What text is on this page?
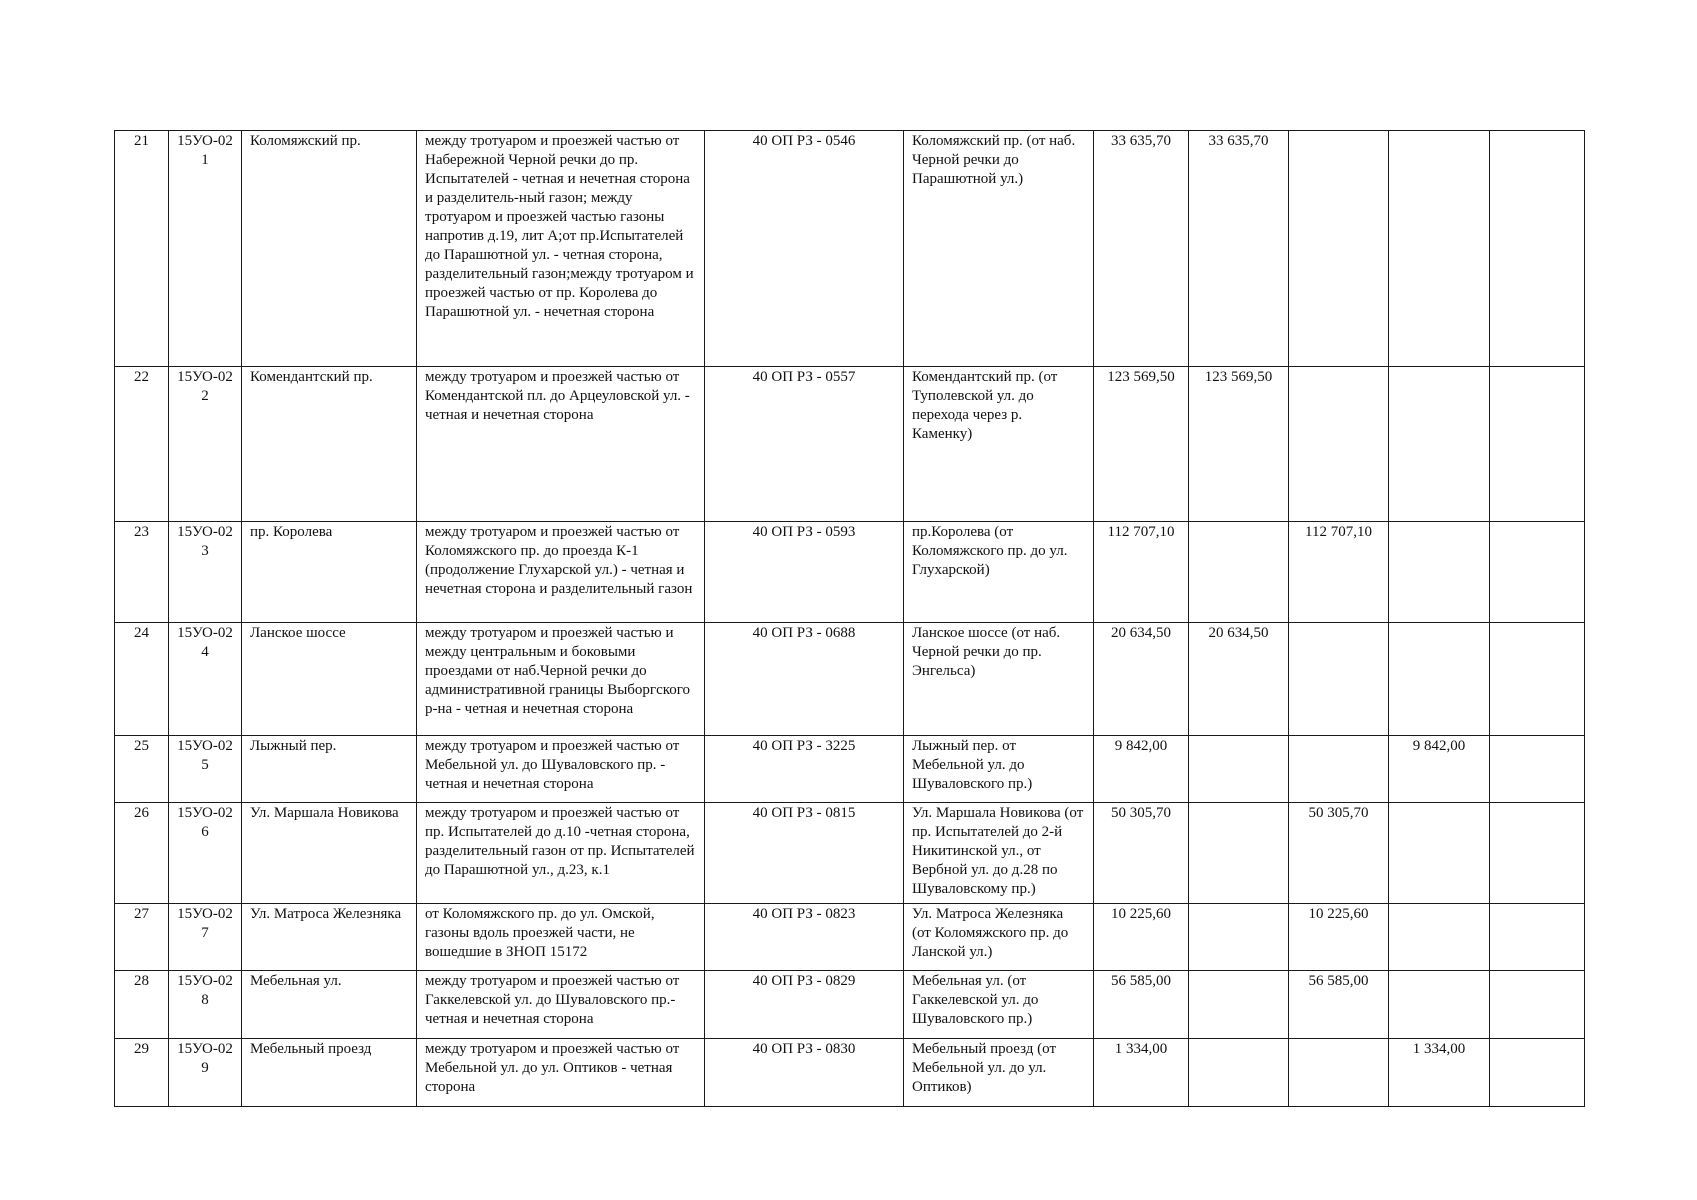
21	15УО-021	Коломяжский пр.	между тротуаром и проезжей частью от Набережной Черной речки до пр. Испытателей - четная и нечетная сторона и разделитель-ный газон; между тротуаром и проезжей частью газоны напротив д.19, лит А;от пр.Испытателей до Парашютной ул. - четная сторона, разделительный газон;между тротуаром и проезжей частью от пр. Королева до Парашютной ул. - нечетная сторона	40 ОП РЗ - 0546	Коломяжский пр. (от наб. Черной речки до Парашютной ул.)	33 635,70	33 635,70			
22	15УО-022	Комендантский пр.	между тротуаром и проезжей частью от Комендантской пл. до Арцеуловской ул. - четная и нечетная сторона	40 ОП РЗ - 0557	Комендантский пр. (от Туполевской ул. до перехода через р. Каменку)	123 569,50	123 569,50			
23	15УО-023	пр. Королева	между тротуаром и проезжей частью от Коломяжского пр. до проезда К-1 (продолжение Глухарской ул.) - четная и нечетная сторона и разделительный газон	40 ОП РЗ - 0593	пр.Королева (от Коломяжского пр. до ул. Глухарской)	112 707,10		112 707,10		
24	15УО-024	Ланское шоссе	между тротуаром и проезжей частью и между центральным и боковыми проездами от наб.Черной речки до административной границы Выборгского р-на - четная и нечетная сторона	40 ОП РЗ - 0688	Ланское шоссе (от наб. Черной речки до пр. Энгельса)	20 634,50	20 634,50			
25	15УО-025	Лыжный пер.	между тротуаром и проезжей частью от Мебельной ул. до Шуваловского пр. - четная и нечетная сторона	40 ОП РЗ - 3225	Лыжный пер. от Мебельной ул. до Шуваловского пр.)	9 842,00			9 842,00	
26	15УО-026	Ул. Маршала Новикова	между тротуаром и проезжей частью от пр. Испытателей до д.10 -четная сторона, разделительный газон от пр. Испытателей до Парашютной ул., д.23, к.1	40 ОП РЗ - 0815	Ул. Маршала Новикова (от пр. Испытателей до 2-й Никитинской ул., от Вербной ул. до д.28 по Шуваловскому пр.)	50 305,70		50 305,70		
27	15УО-027	Ул. Матроса Железняка	от Коломяжского пр. до ул. Омской, газоны вдоль проезжей части, не вошедшие в ЗНОП 15172	40 ОП РЗ - 0823	Ул. Матроса Железняка (от Коломяжского пр. до Ланской ул.)	10 225,60		10 225,60		
28	15УО-028	Мебельная ул.	между тротуаром и проезжей частью от Гаккелевской ул. до Шуваловского пр.- четная и нечетная сторона	40 ОП РЗ - 0829	Мебельная ул. (от Гаккелевской ул. до Шуваловского пр.)	56 585,00		56 585,00		
29	15УО-029	Мебельный проезд	между тротуаром и проезжей частью от Мебельной ул. до ул. Оптиков - четная сторона	40 ОП РЗ - 0830	Мебельный проезд (от Мебельной ул. до ул. Оптиков)	1 334,00			1 334,00	
